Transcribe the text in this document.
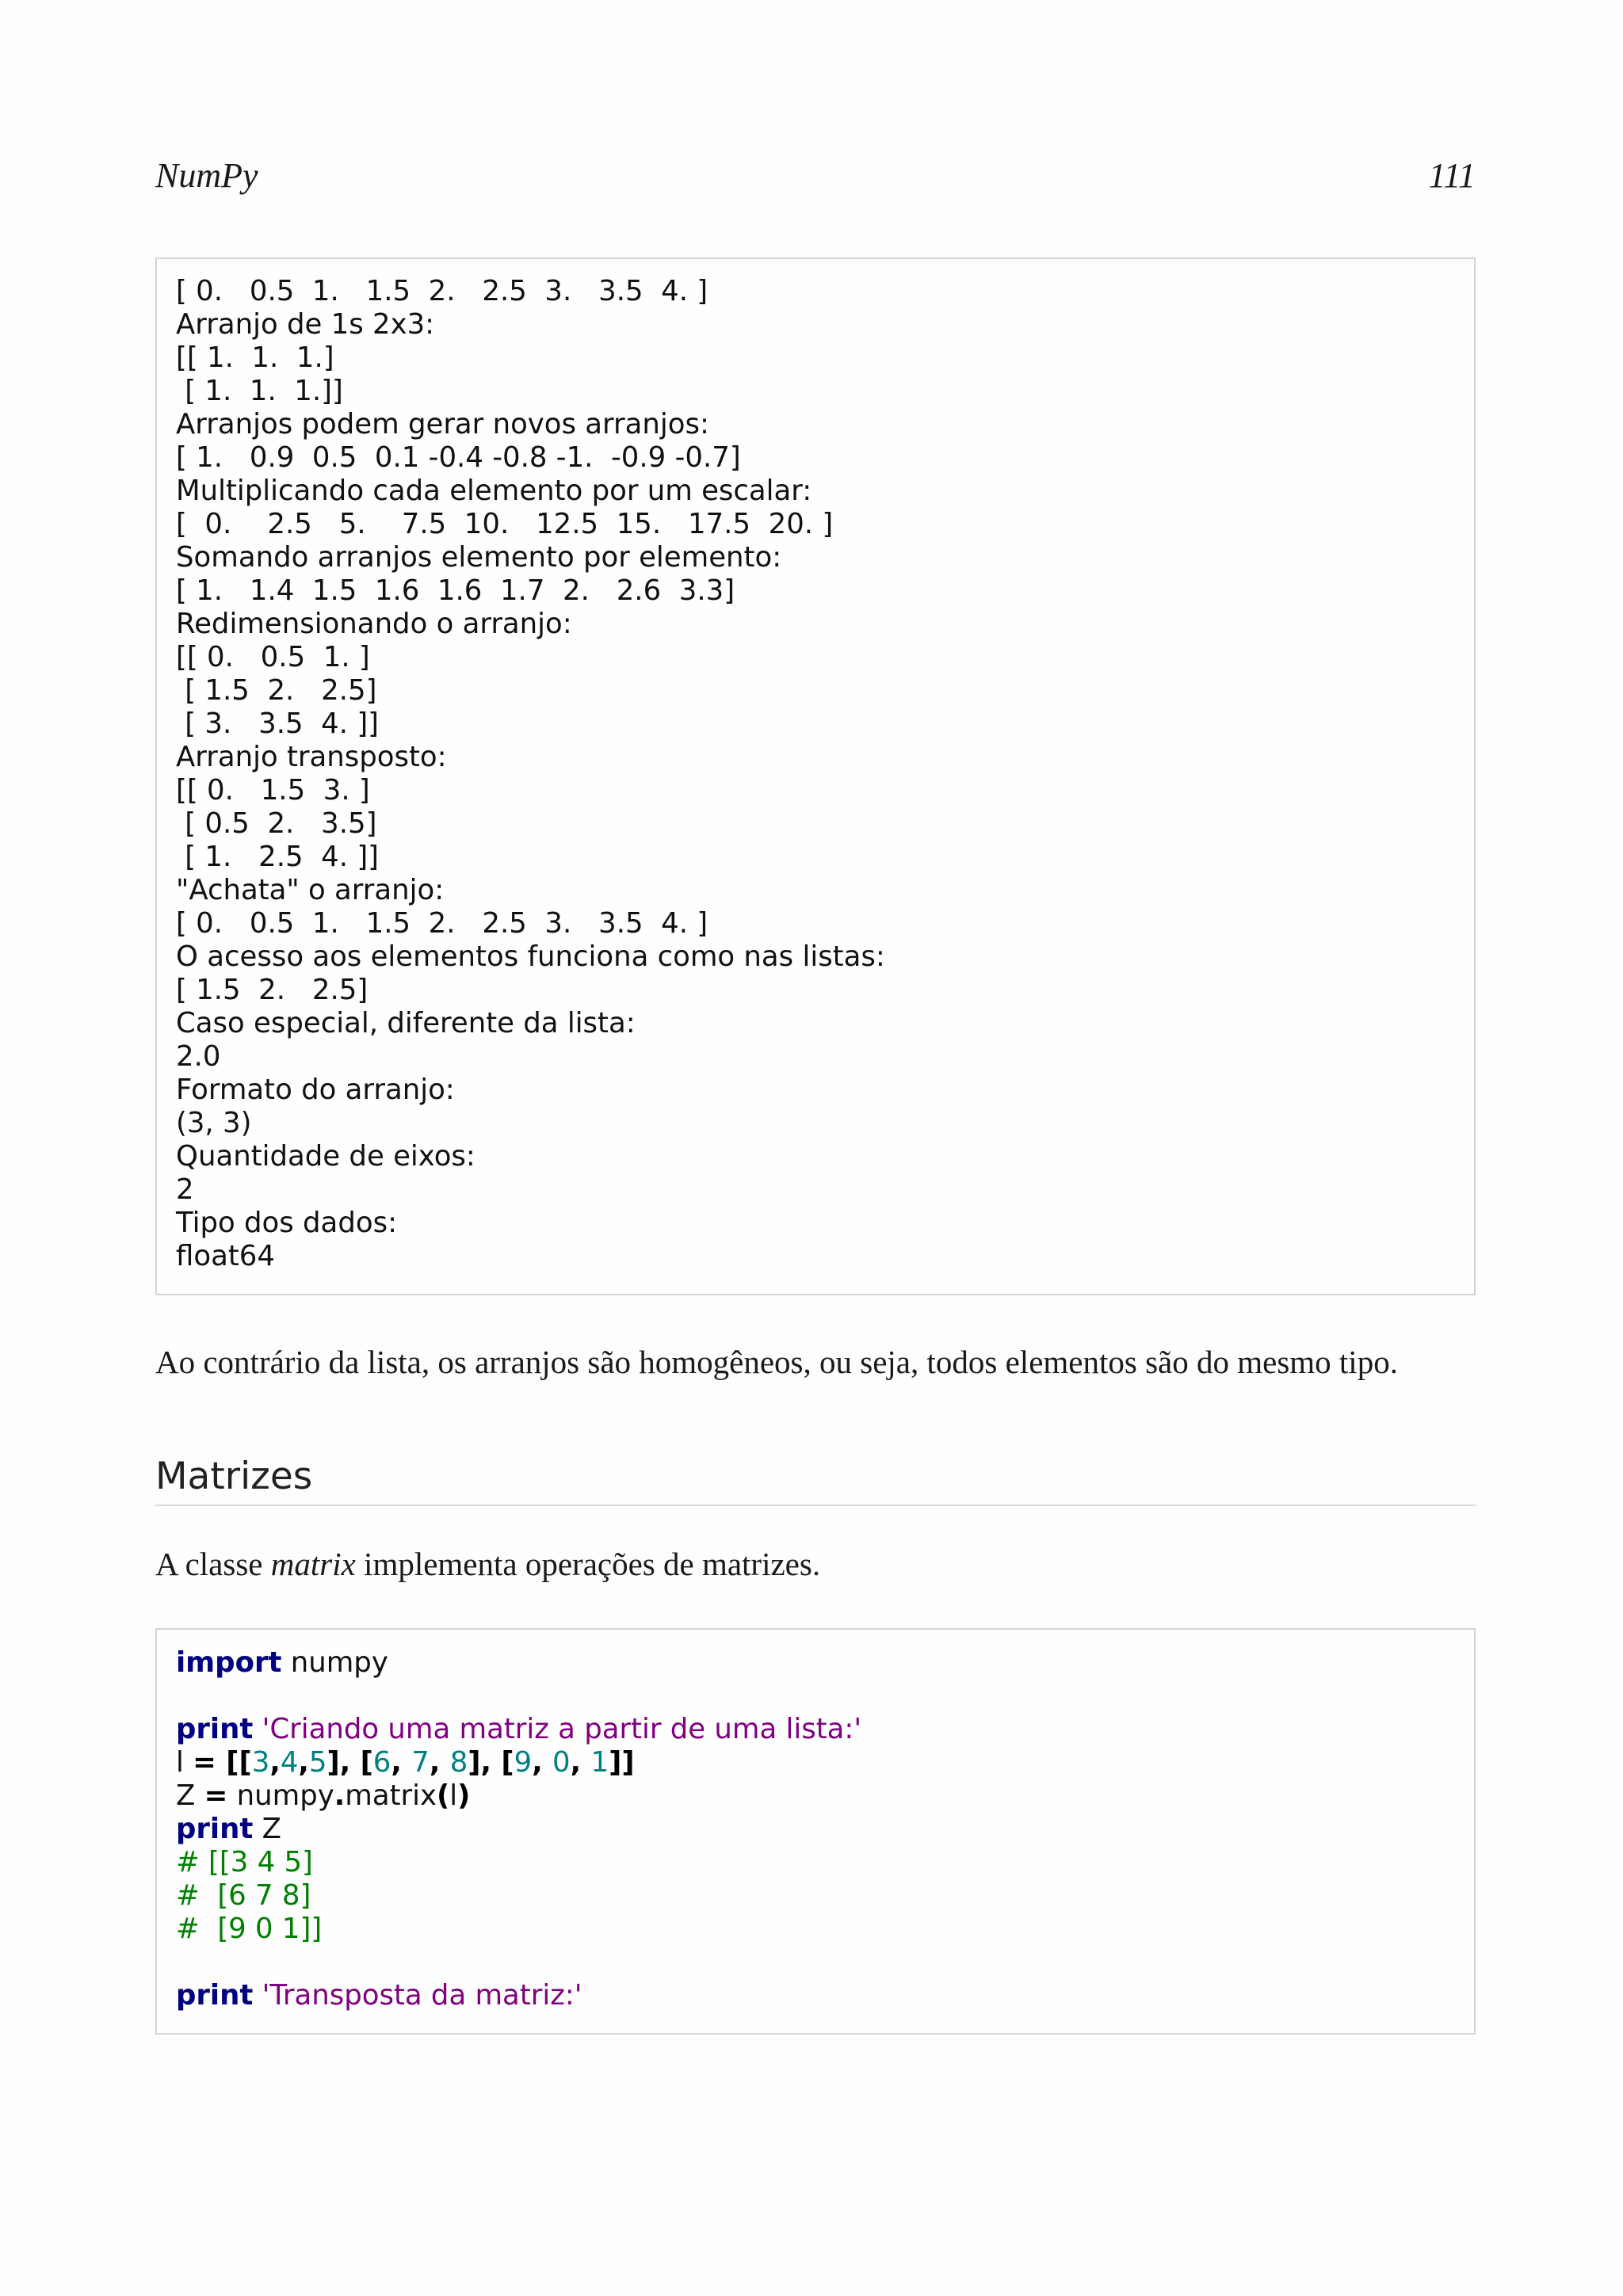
NumPy	111
[ 0.   0.5  1.   1.5  2.   2.5  3.   3.5  4. ]
Arranjo de 1s 2x3:
[[ 1.  1.  1.]
[ 1.  1.  1.]]
Arranjos podem gerar novos arranjos:
[ 1.   0.9  0.5  0.1 -0.4 -0.8 -1.  -0.9 -0.7]
Multiplicando cada elemento por um escalar:
[  0.    2.5   5.    7.5  10.   12.5  15.   17.5  20. ]
Somando arranjos elemento por elemento:
[ 1.   1.4  1.5  1.6  1.6  1.7  2.   2.6  3.3]
Redimensionando o arranjo:
[[ 0.   0.5  1. ]
[ 1.5  2.   2.5]
[ 3.   3.5  4. ]]
Arranjo transposto:
[[ 0.   1.5  3. ]
[ 0.5  2.   3.5]
[ 1.   2.5  4. ]]
"Achata" o arranjo:
[ 0.   0.5  1.   1.5  2.   2.5  3.   3.5  4. ]
O acesso aos elementos funciona como nas listas:
[ 1.5  2.   2.5]
Caso especial, diferente da lista:
2.0
Formato do arranjo:
(3, 3)
Quantidade de eixos:
2
Tipo dos dados:
float64
Ao contrário da lista, os arranjos são homogêneos, ou seja, todos elementos são do mesmo tipo.
Matrizes
A classe matrix implementa operações de matrizes.
import numpy
print 'Criando uma matriz a partir de uma lista:'
l = [[3,4,5], [6, 7, 8], [9, 0, 1]]
Z = numpy.matrix(l)
print Z
# [[3 4 5]
#  [6 7 8]
#  [9 0 1]]
print 'Transposta da matriz:'
